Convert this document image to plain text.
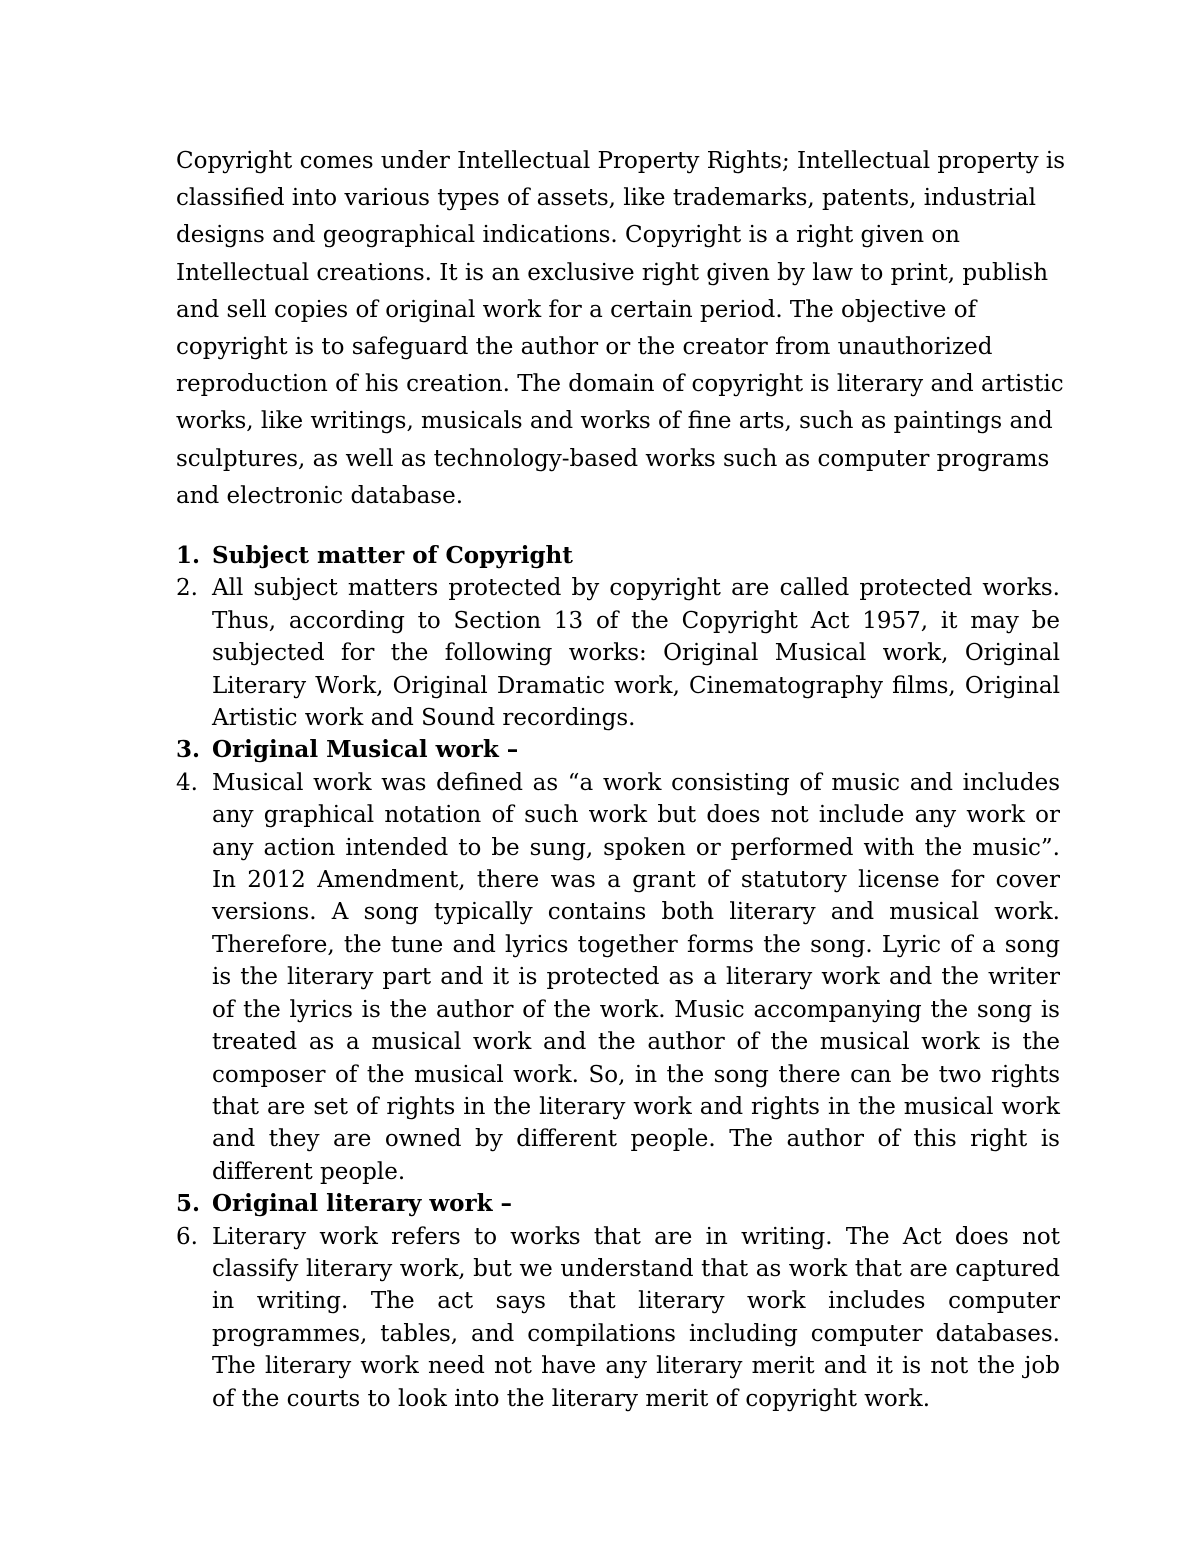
Copyright comes under Intellectual Property Rights; Intellectual property is classified into various types of assets, like trademarks, patents, industrial designs and geographical indications. Copyright is a right given on Intellectual creations. It is an exclusive right given by law to print, publish and sell copies of original work for a certain period. The objective of copyright is to safeguard the author or the creator from unauthorized reproduction of his creation. The domain of copyright is literary and artistic works, like writings, musicals and works of fine arts, such as paintings and sculptures, as well as technology-based works such as computer programs and electronic database.

1. Subject matter of Copyright
2. All subject matters protected by copyright are called protected works. Thus, according to Section 13 of the Copyright Act 1957, it may be subjected for the following works: Original Musical work, Original Literary Work, Original Dramatic work, Cinematography films, Original Artistic work and Sound recordings.
3. Original Musical work –
4. Musical work was defined as “a work consisting of music and includes any graphical notation of such work but does not include any work or any action intended to be sung, spoken or performed with the music”. In 2012 Amendment, there was a grant of statutory license for cover versions. A song typically contains both literary and musical work. Therefore, the tune and lyrics together forms the song. Lyric of a song is the literary part and it is protected as a literary work and the writer of the lyrics is the author of the work. Music accompanying the song is treated as a musical work and the author of the musical work is the composer of the musical work. So, in the song there can be two rights that are set of rights in the literary work and rights in the musical work and they are owned by different people. The author of this right is different people.
5. Original literary work –
6. Literary work refers to works that are in writing. The Act does not classify literary work, but we understand that as work that are captured in writing. The act says that literary work includes computer programmes, tables, and compilations including computer databases. The literary work need not have any literary merit and it is not the job of the courts to look into the literary merit of copyright work.
